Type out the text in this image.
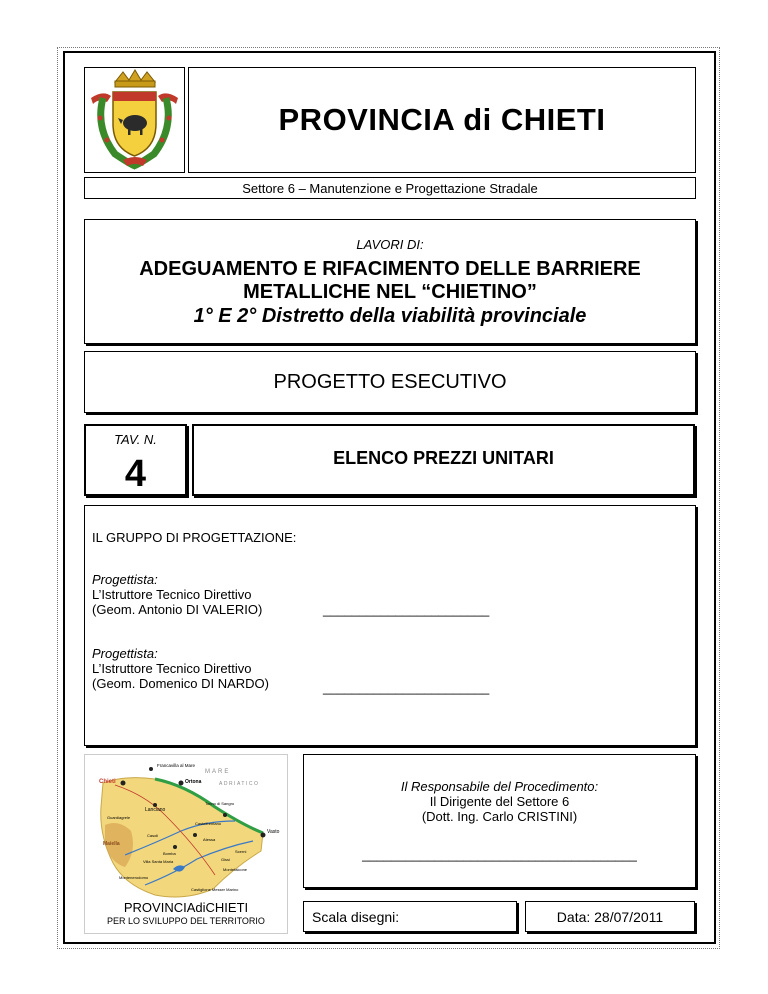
PROVINCIA di CHIETI
Settore 6 – Manutenzione e Progettazione Stradale
LAVORI DI:
ADEGUAMENTO E RIFACIMENTO DELLE BARRIERE
METALLICHE NEL “CHIETINO”
1° E 2° Distretto della viabilità provinciale
PROGETTO ESECUTIVO
TAV. N.
4	ELENCO PREZZI UNITARI
IL GRUPPO DI PROGETTAZIONE:
Progettista:
L’Istruttore Tecnico Direttivo
(Geom. Antonio DI VALERIO)	_______________________
Progettista:
L’Istruttore Tecnico Direttivo
(Geom. Domenico DI NARDO)	_______________________
Francavilla al Mare
Chieti	Ortona
Lanciano
Guardiagrele
Casoli
Vasto
Atessa
Gissi
Castelfrentano
Torino di Sangro
Villa Santa Maria
Montefalcone
Castiglione Messer Marino
Maiella
Scerni
Bomba
Montenerodomo
MARE
ADRIATICO
PROVINCIAdiCHIETI
PER LO SVILUPPO DEL TERRITORIO
Il Responsabile del Procedimento:
Il Dirigente del Settore 6
(Dott. Ing. Carlo CRISTINI)
______________________________________
Scala disegni:	Data: 28/07/2011
